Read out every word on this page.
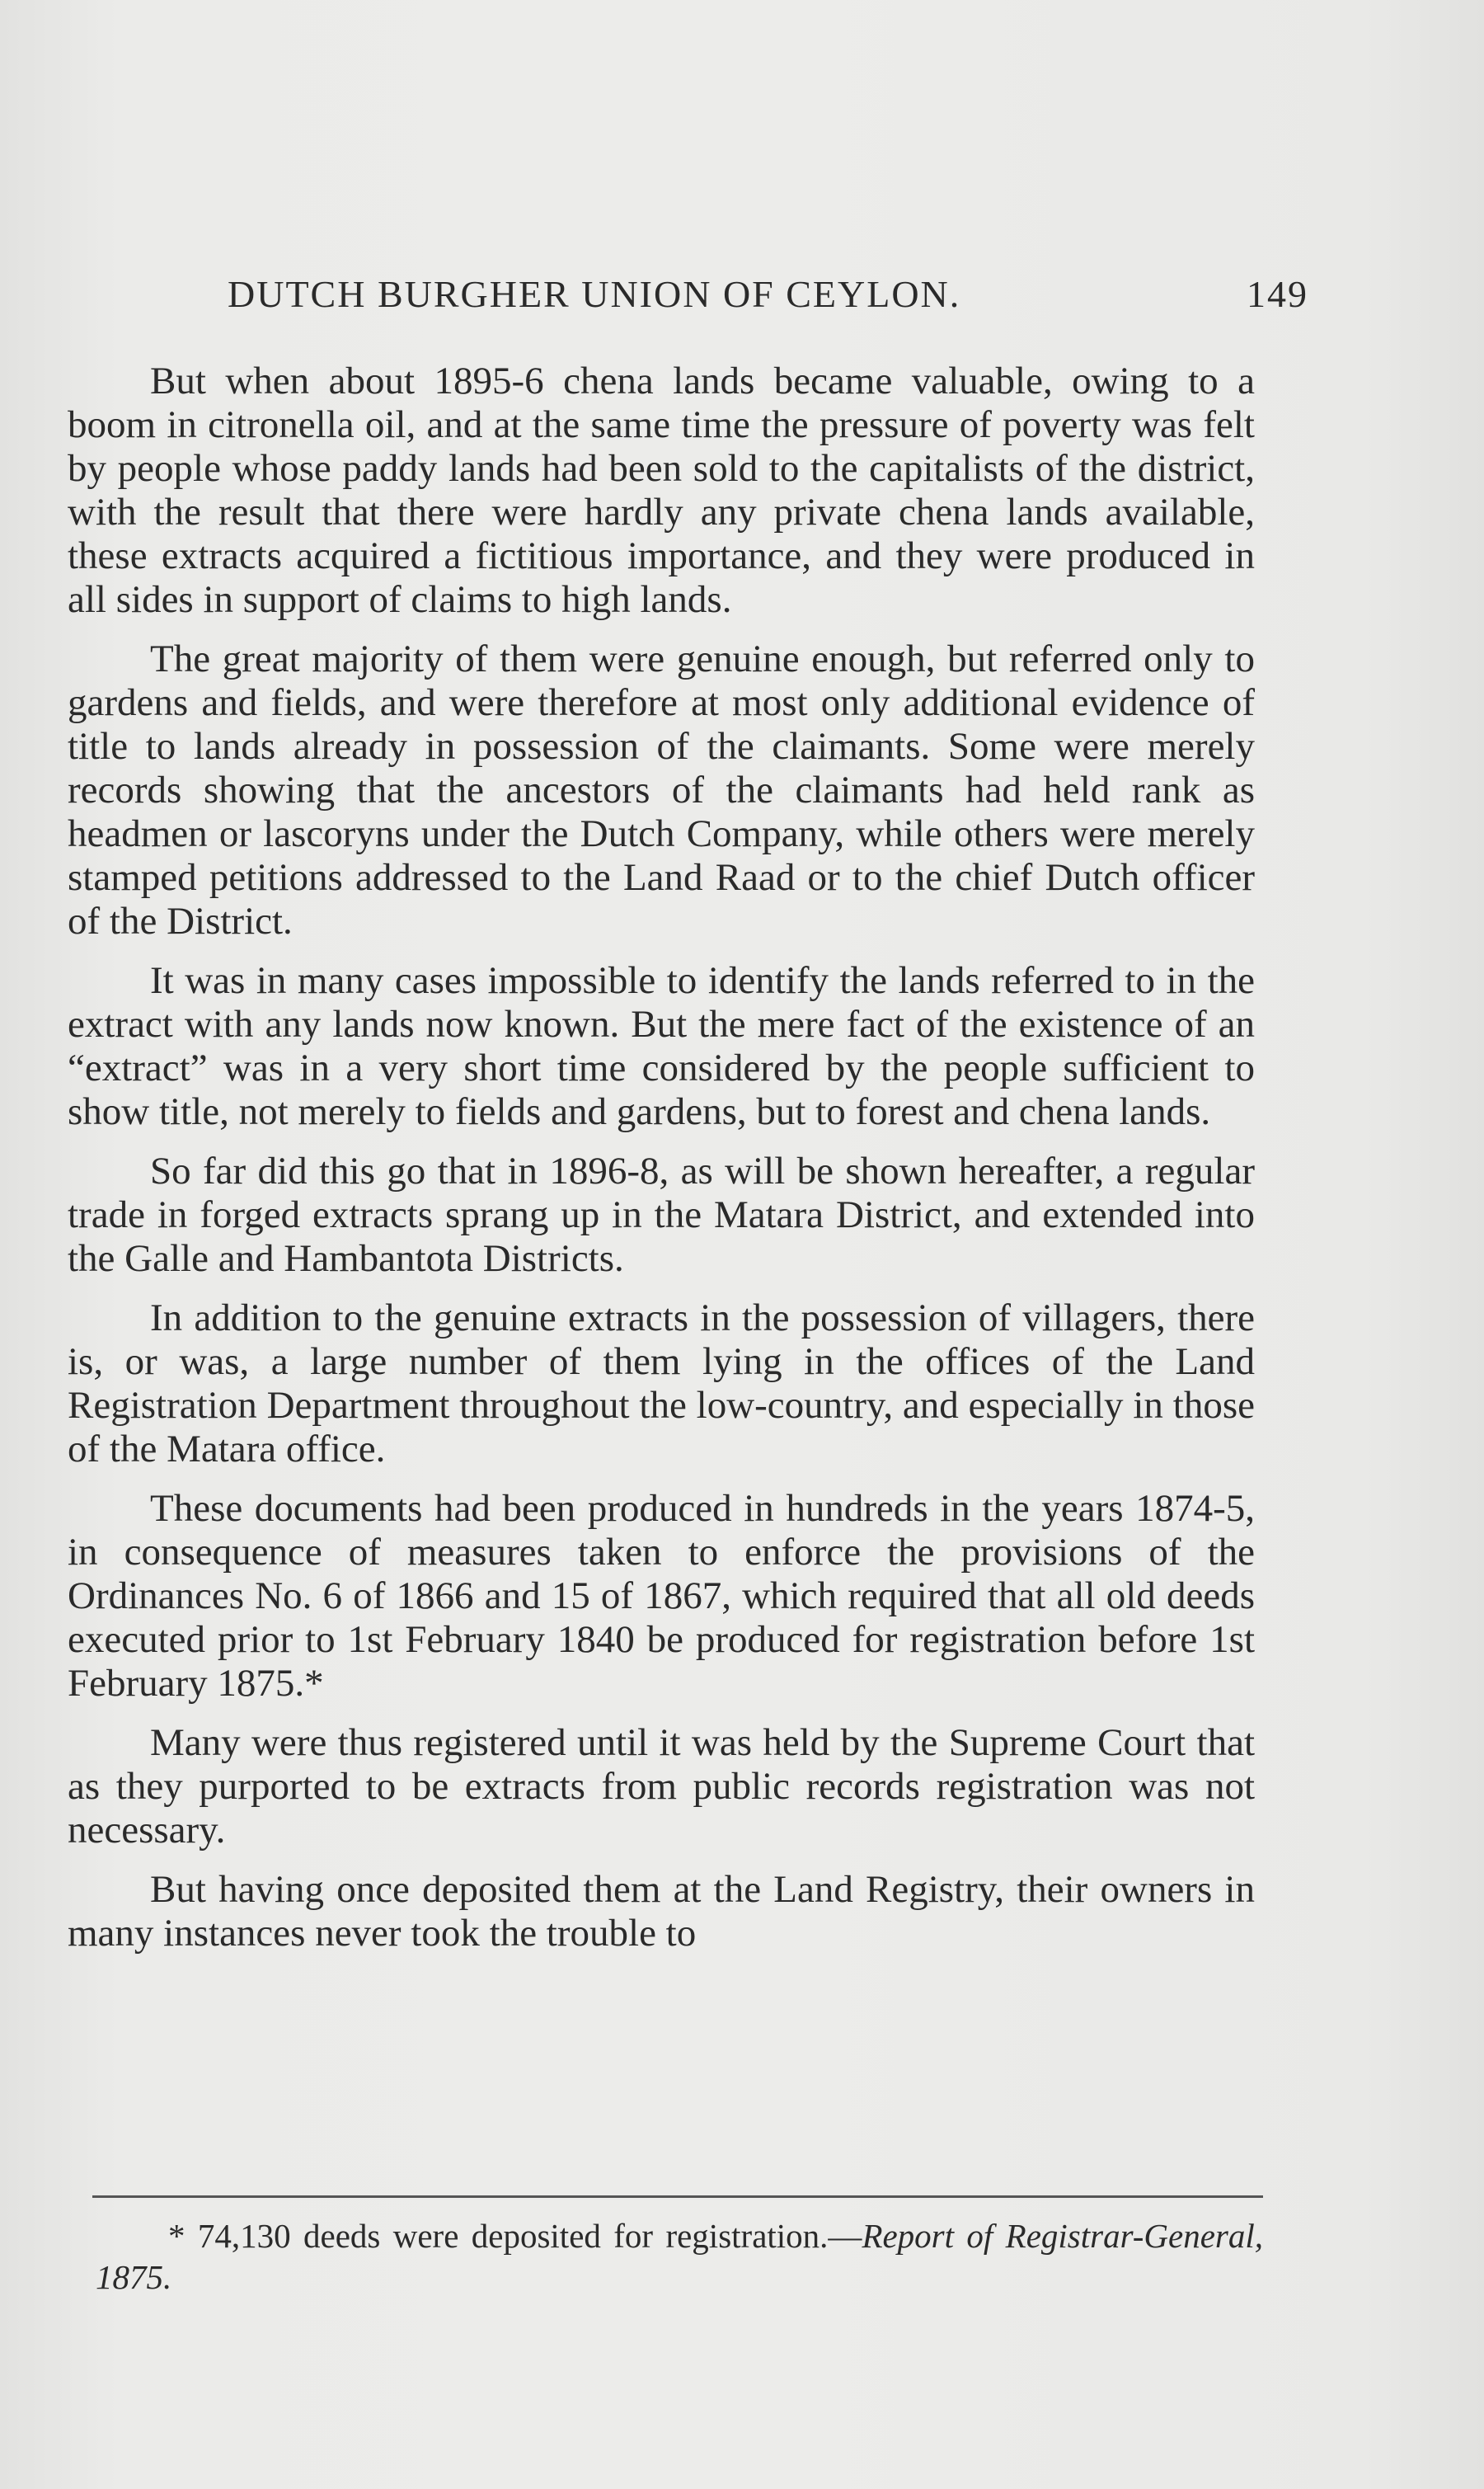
DUTCH BURGHER UNION OF CEYLON.	149

But when about 1895-6 chena lands became valuable, owing to a boom in citronella oil, and at the same time the pressure of poverty was felt by people whose paddy lands had been sold to the capitalists of the district, with the result that there were hardly any private chena lands available, these extracts acquired a fictitious importance, and they were produced in all sides in support of claims to high lands.

The great majority of them were genuine enough, but referred only to gardens and fields, and were therefore at most only additional evidence of title to lands already in possession of the claimants. Some were merely records showing that the ancestors of the claimants had held rank as headmen or lascoryns under the Dutch Company, while others were merely stamped petitions addressed to the Land Raad or to the chief Dutch officer of the District.

It was in many cases impossible to identify the lands referred to in the extract with any lands now known. But the mere fact of the existence of an “extract” was in a very short time considered by the people sufficient to show title, not merely to fields and gardens, but to forest and chena lands.

So far did this go that in 1896-8, as will be shown hereafter, a regular trade in forged extracts sprang up in the Matara District, and extended into the Galle and Hambantota Districts.

In addition to the genuine extracts in the possession of villagers, there is, or was, a large number of them lying in the offices of the Land Registration Department throughout the low-country, and especially in those of the Matara office.

These documents had been produced in hundreds in the years 1874-5, in consequence of measures taken to enforce the provisions of the Ordinances No. 6 of 1866 and 15 of 1867, which required that all old deeds executed prior to 1st February 1840 be produced for registration before 1st February 1875.*

Many were thus registered until it was held by the Supreme Court that as they purported to be extracts from public records registration was not necessary.

But having once deposited them at the Land Registry, their owners in many instances never took the trouble to

* 74,130 deeds were deposited for registration.—Report of Registrar-General, 1875.
